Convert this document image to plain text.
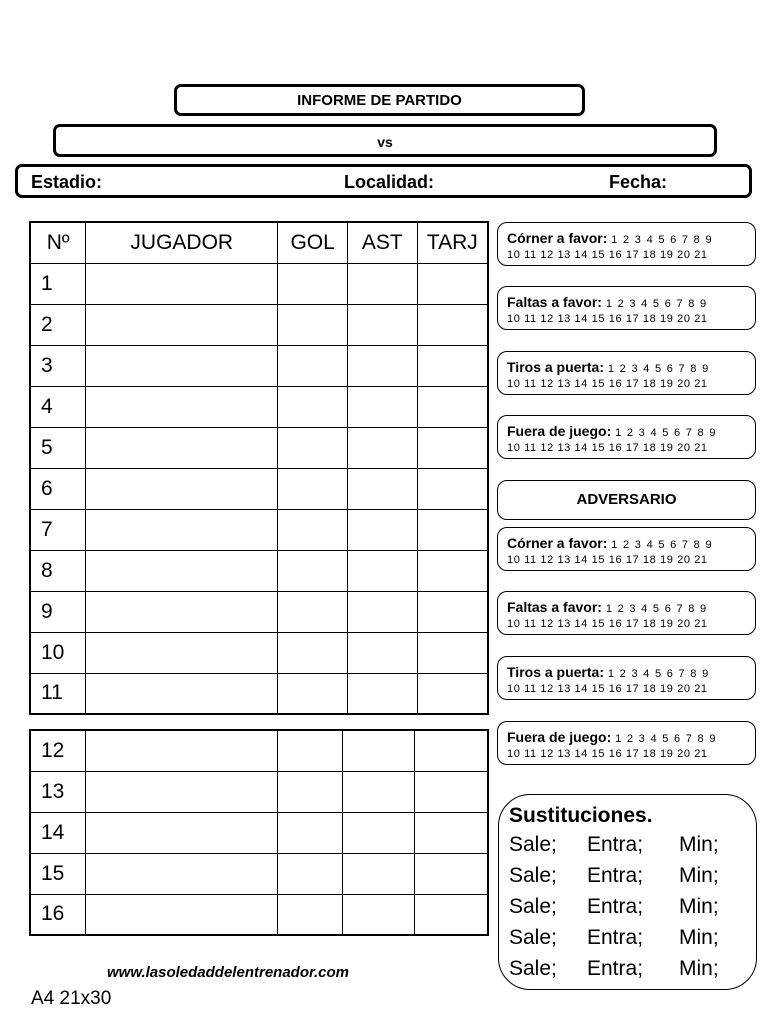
INFORME DE PARTIDO
vs
Estadio:	Localidad:	Fecha:
Nº	JUGADOR	GOL	AST	TARJ
1				
2				
3				
4				
5				
6				
7				
8				
9				
10				
11				
12				
13				
14				
15				
16				
Córner a favor: 1 2 3 4 5 6 7 8 9
10 11 12 13 14 15 16 17 18 19 20 21
Faltas a favor: 1 2 3 4 5 6 7 8 9
10 11 12 13 14 15 16 17 18 19 20 21
Tiros a puerta: 1 2 3 4 5 6 7 8 9
10 11 12 13 14 15 16 17 18 19 20 21
Fuera de juego: 1 2 3 4 5 6 7 8 9
10 11 12 13 14 15 16 17 18 19 20 21
ADVERSARIO
Córner a favor: 1 2 3 4 5 6 7 8 9
10 11 12 13 14 15 16 17 18 19 20 21
Faltas a favor: 1 2 3 4 5 6 7 8 9
10 11 12 13 14 15 16 17 18 19 20 21
Tiros a puerta: 1 2 3 4 5 6 7 8 9
10 11 12 13 14 15 16 17 18 19 20 21
Fuera de juego: 1 2 3 4 5 6 7 8 9
10 11 12 13 14 15 16 17 18 19 20 21
Sustituciones.
Sale; Entra; Min;
Sale; Entra; Min;
Sale; Entra; Min;
Sale; Entra; Min;
Sale; Entra; Min;
www.lasoledaddelentrenador.com
A4 21x30
